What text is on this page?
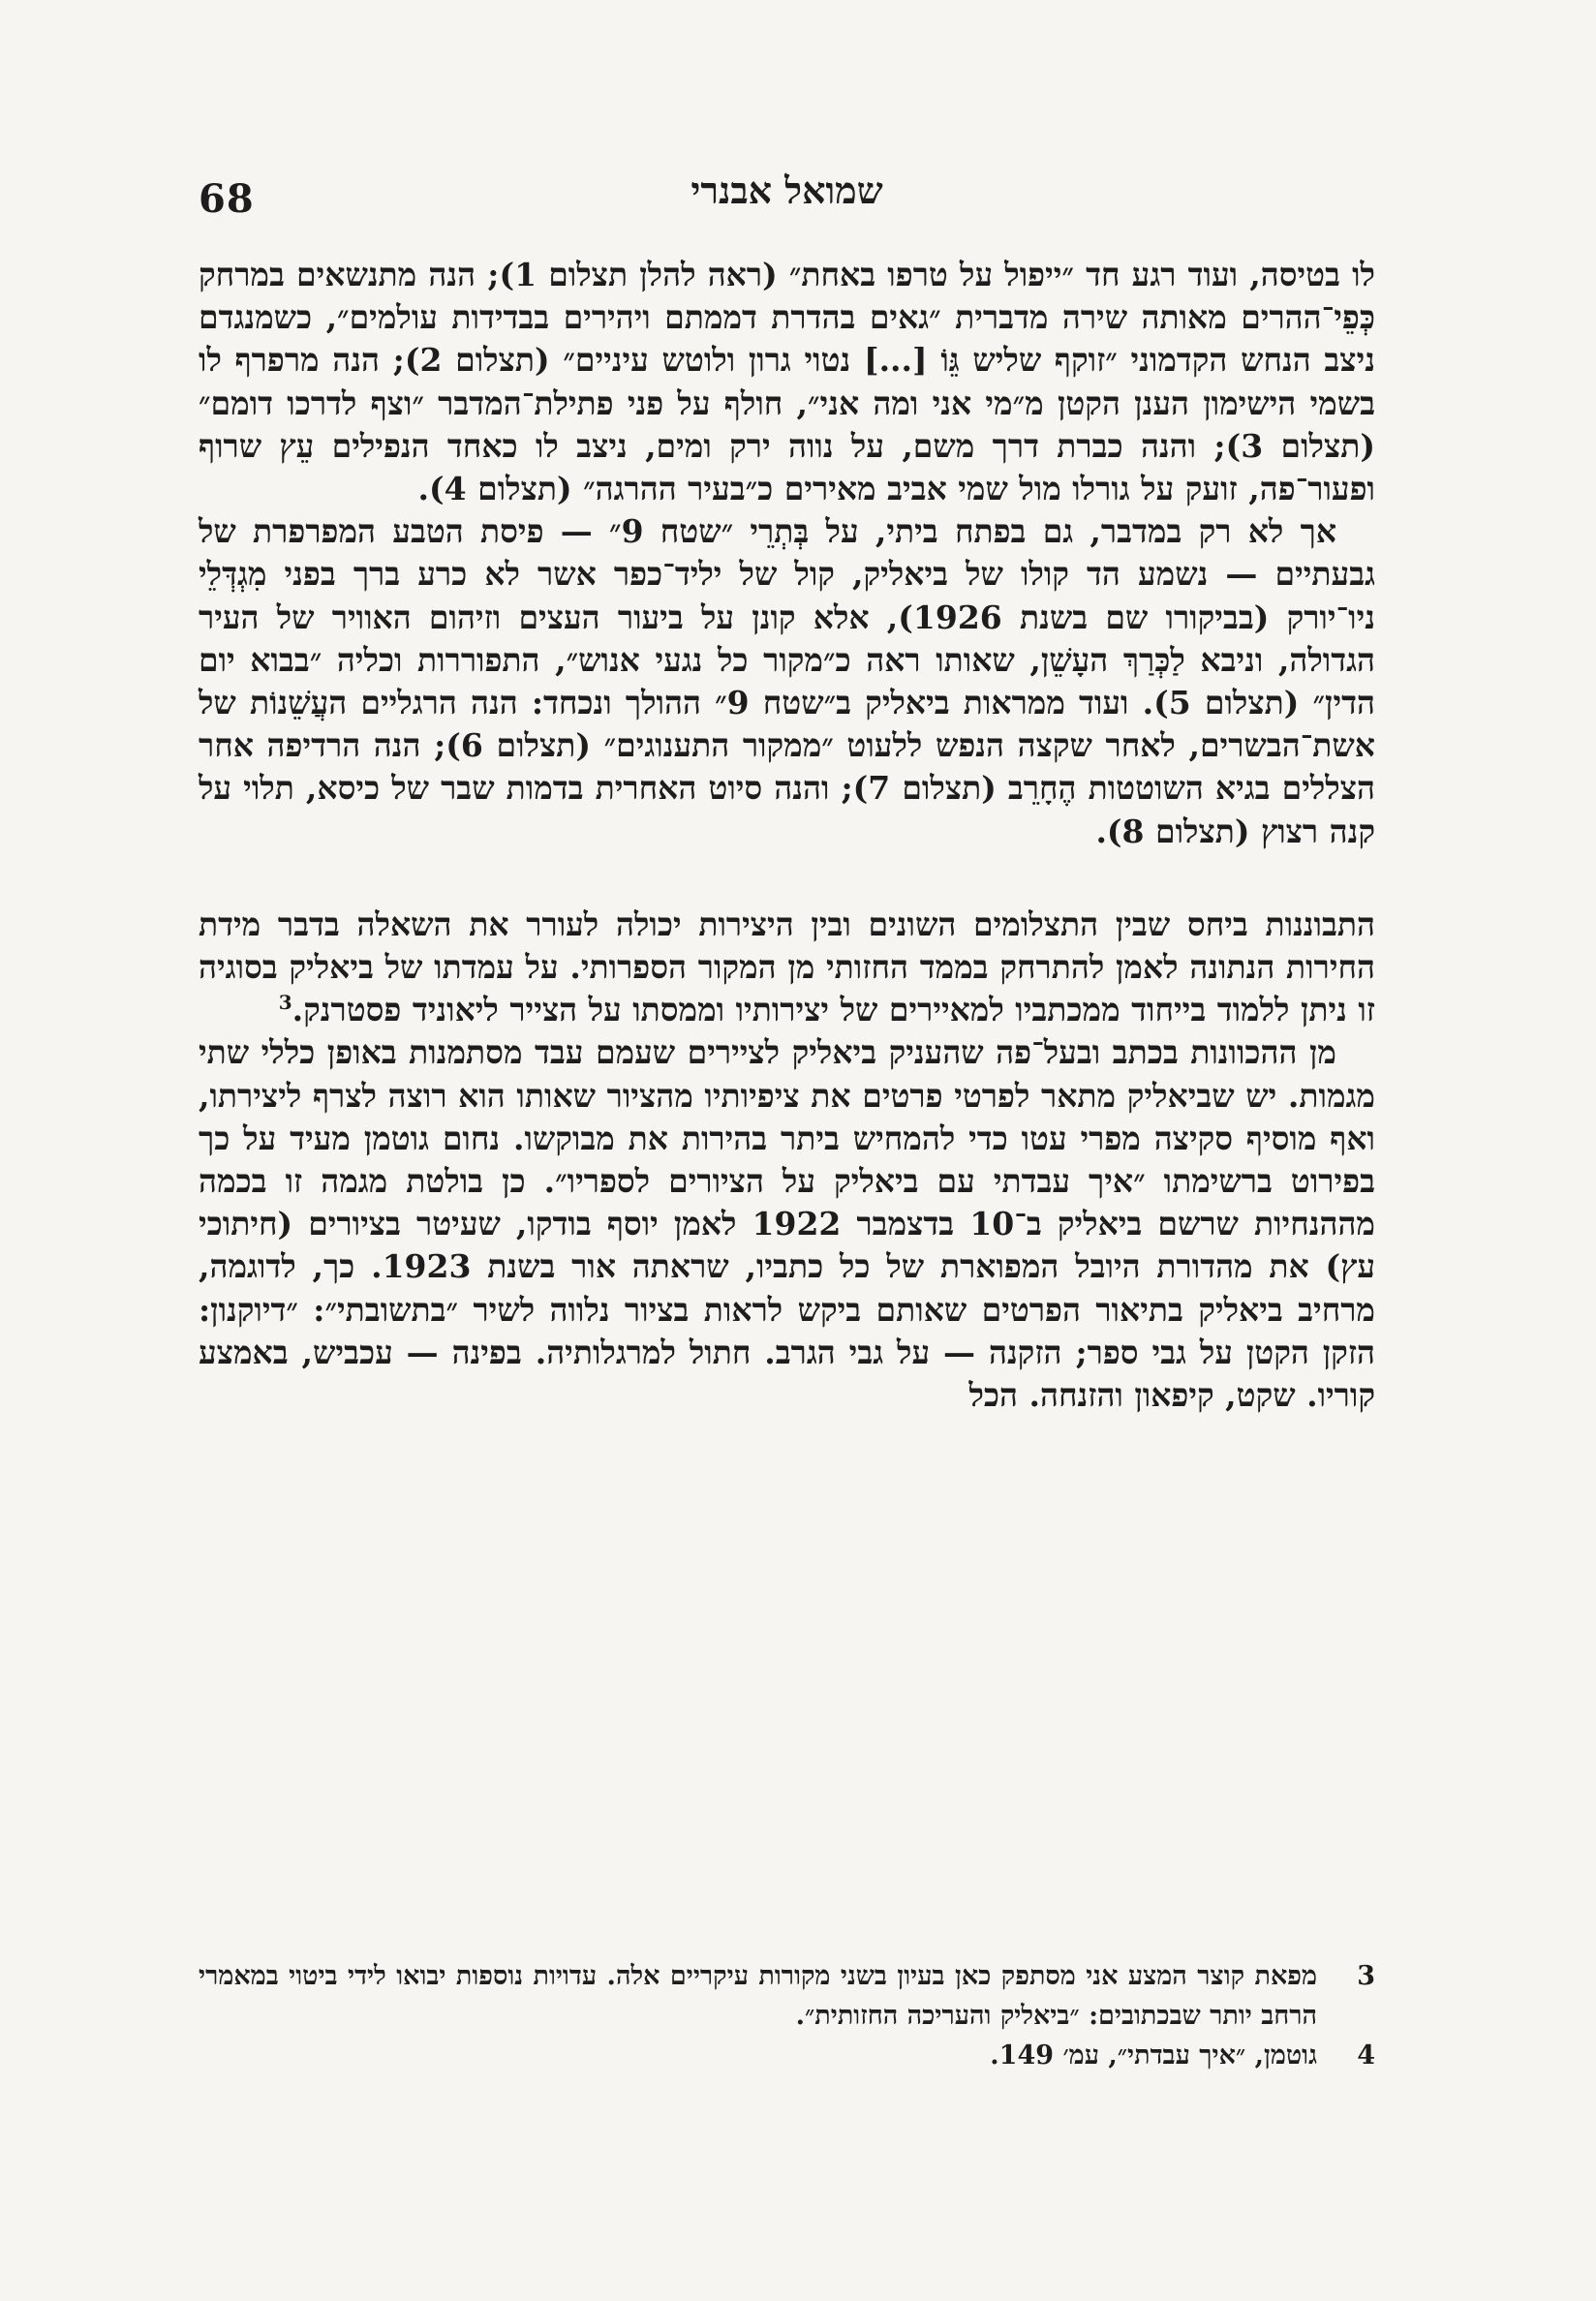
68	שמואל אבנרי

לו בטיסה, ועוד רגע חד ״ייפול על טרפו באחת״ (ראה להלן תצלום 1); הנה מתנשאים במרחק כְּפֵי־ההרים מאותה שירה מדברית ״גאים בהדרת דממתם ויהירים בבדידות עולמים״, כשמנגדם ניצב הנחש הקדמוני ״זוקף שליש גֵּוֹ [...] נטוי גרון ולוטש עיניים״ (תצלום 2); הנה מרפרף לו בשמי הישימון הענן הקטן מ״מי אני ומה אני״, חולף על פני פתילת־המדבר ״וצף לדרכו דומם״ (תצלום 3); והנה כברת דרך משם, על נווה ירק ומים, ניצב לו כאחד הנפילים עֵץ שרוף ופעור־פה, זועק על גורלו מול שמי אביב מאירים כ״בעיר ההרגה״ (תצלום 4).

אך לא רק במדבר, גם בפתח ביתי, על בְּתְרֵי ״שטח 9״ — פיסת הטבע המפרפרת של גבעתיים — נשמע הד קולו של ביאליק, קול של יליד־כפר אשר לא כרע ברך בפני מִגְדְּלֵי ניו־יורק (בביקורו שם בשנת 1926), אלא קונן על ביעור העצים וזיהום האוויר של העיר הגדולה, וניבא לַכְּרַךְ העָשֵׁן, שאותו ראה כ״מקור כל נגעי אנוש״, התפוררות וכליה ״בבוא יום הדין״ (תצלום 5). ועוד ממראות ביאליק ב״שטח 9״ ההולך ונכחד: הנה הרגליים העֲשֵׁנוֹת של אשת־הבשרים, לאחר שקצה הנפש ללעוט ״ממקור התענוגים״ (תצלום 6); הנה הרדיפה אחר הצללים בגיא השוטטות הֶחָרֵב (תצלום 7); והנה סיוט האחרית בדמות שבר של כיסא, תלוי על קנה רצוץ (תצלום 8).

התבוננות ביחס שבין התצלומים השונים ובין היצירות יכולה לעורר את השאלה בדבר מידת החירות הנתונה לאמן להתרחק בממד החזותי מן המקור הספרותי. על עמדתו של ביאליק בסוגיה זו ניתן ללמוד בייחוד ממכתביו למאיירים של יצירותיו וממסתו על הצייר ליאוניד פסטרנק.$^3$

מן ההכוונות בכתב ובעל־פה שהעניק ביאליק לציירים שעמם עבד מסתמנות באופן כללי שתי מגמות. יש שביאליק מתאר לפרטי פרטים את ציפיותיו מהציור שאותו הוא רוצה לצרף ליצירתו, ואף מוסיף סקיצה מפרי עטו כדי להמחיש ביתר בהירות את מבוקשו. נחום גוטמן מעיד על כך בפירוט ברשימתו ״איך עבדתי עם ביאליק על הציורים לספריו״. כן בולטת מגמה זו בכמה מההנחיות שרשם ביאליק ב־10 בדצמבר 1922 לאמן יוסף בודקו, שעיטר בציורים (חיתוכי עץ) את מהדורת היובל המפוארת של כל כתביו, שראתה אור בשנת 1923. כך, לדוגמה, מרחיב ביאליק בתיאור הפרטים שאותם ביקש לראות בציור נלווה לשיר ״בתשובתי״: ״דיוקנון: הזקן הקטן על גבי ספר; הזקנה — על גבי הגרב. חתול למרגלותיה. בפינה — עכביש, באמצע קוריו. שקט, קיפאון והזנחה. הכל

3
מפאת קוצר המצע אני מסתפק כאן בעיון בשני מקורות עיקריים אלה. עדויות נוספות יבואו לידי ביטוי במאמרי הרחב יותר שבכתובים: ״ביאליק והעריכה החזותית״.
4
גוטמן, ״איך עבדתי״, עמ׳ 149.
